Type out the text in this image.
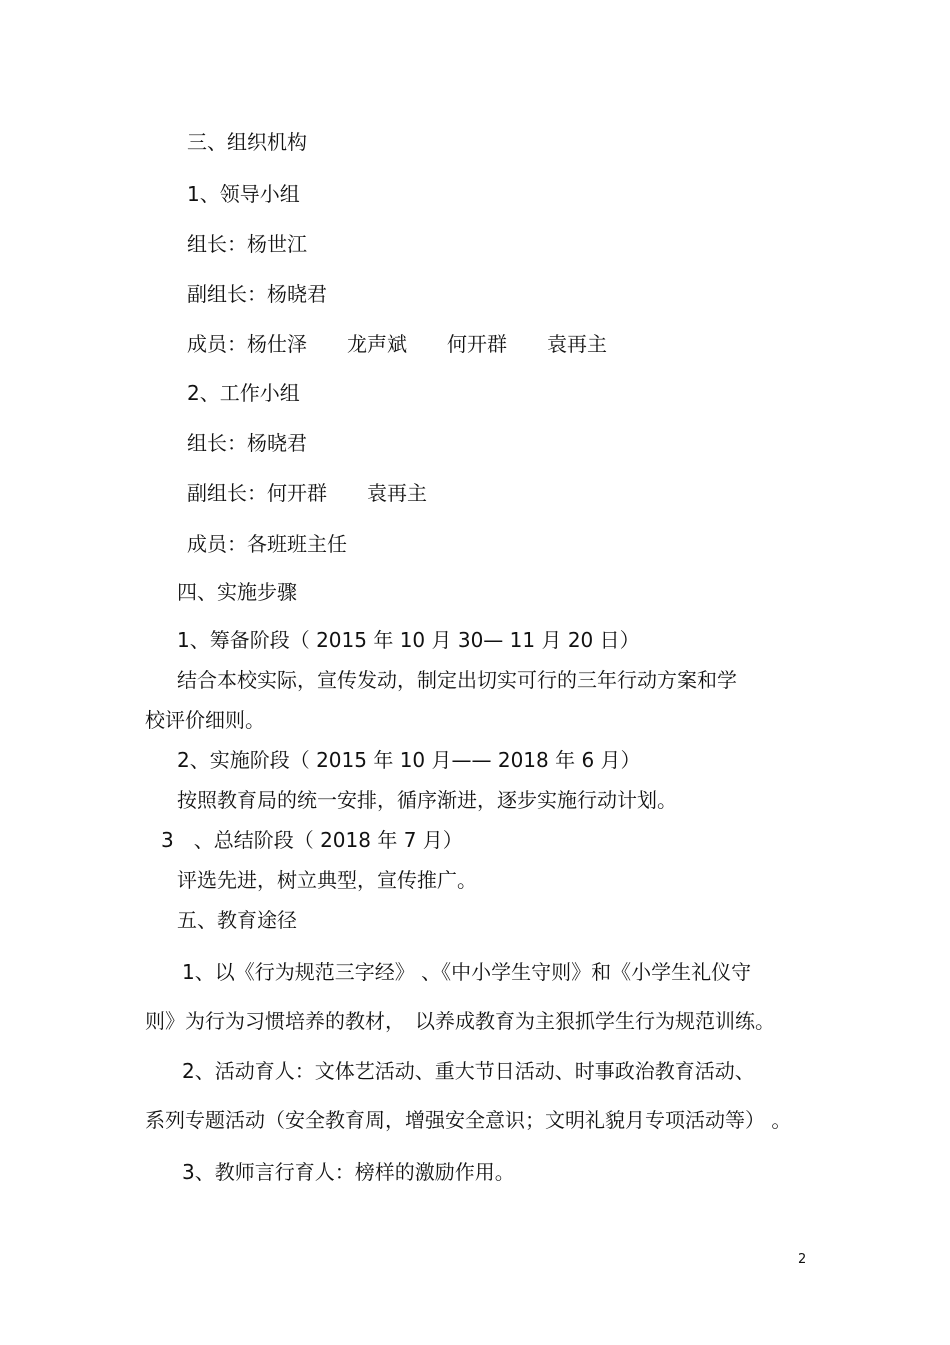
三、组织机构

1、领导小组

组长：杨世江

副组长：杨晓君

成员：杨仕泽　　龙声斌　　何开群　　袁再主

2、工作小组

组长：杨晓君

副组长：何开群　　袁再主

成员：各班班主任

四、实施步骤

1、筹备阶段（ 2015 年 10 月 30— 11 月 20 日）

结合本校实际，宣传发动，制定出切实可行的三年行动方案和学

校评价细则。

2、实施阶段（ 2015 年 10 月—— 2018 年 6 月）

按照教育局的统一安排，循序渐进，逐步实施行动计划。

3　、总结阶段（ 2018 年 7 月）

评选先进，树立典型，宣传推广。

五、教育途径

1、以《行为规范三字经》 、《中小学生守则》和《小学生礼仪守

则》为行为习惯培养的教材，　以养成教育为主狠抓学生行为规范训练。

2、活动育人：文体艺活动、重大节日活动、时事政治教育活动、

系列专题活动（安全教育周，增强安全意识；文明礼貌月专项活动等） 。

3、教师言行育人：榜样的激励作用。

2
